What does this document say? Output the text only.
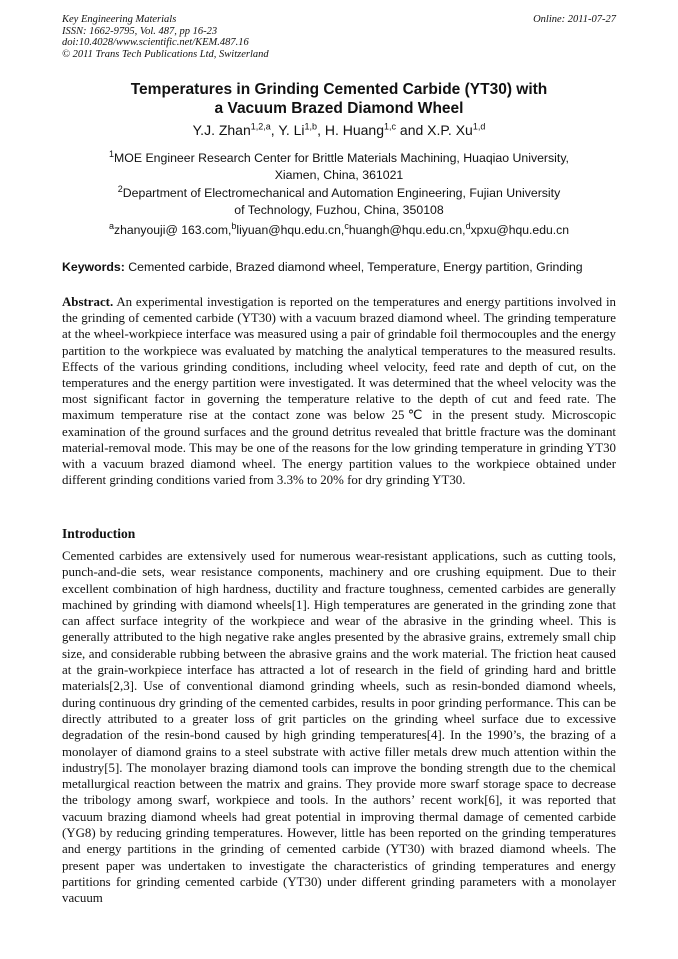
Key Engineering Materials
ISSN: 1662-9795, Vol. 487, pp 16-23
doi:10.4028/www.scientific.net/KEM.487.16
© 2011 Trans Tech Publications Ltd, Switzerland
Online: 2011-07-27
Temperatures in Grinding Cemented Carbide (YT30) with
a Vacuum Brazed Diamond Wheel
Y.J. Zhan$^{1,2,a}$, Y. Li$^{1,b}$, H. Huang$^{1,c}$ and X.P. Xu$^{1,d}$
$^1$MOE Engineer Research Center for Brittle Materials Machining, Huaqiao University,
Xiamen, China, 361021
$^2$Department of Electromechanical and Automation Engineering, Fujian University
of Technology, Fuzhou, China, 350108
$^a$zhanyouji@ 163.com,$^b$liyuan@hqu.edu.cn,$^c$huangh@hqu.edu.cn,$^d$xpxu@hqu.edu.cn
Keywords: Cemented carbide, Brazed diamond wheel, Temperature, Energy partition, Grinding
Abstract. An experimental investigation is reported on the temperatures and energy partitions involved in the grinding of cemented carbide (YT30) with a vacuum brazed diamond wheel. The grinding temperature at the wheel-workpiece interface was measured using a pair of grindable foil thermocouples and the energy partition to the workpiece was evaluated by matching the analytical temperatures to the measured results. Effects of the various grinding conditions, including wheel velocity, feed rate and depth of cut, on the temperatures and the energy partition were investigated. It was determined that the wheel velocity was the most significant factor in governing the temperature relative to the depth of cut and feed rate. The maximum temperature rise at the contact zone was below 25℃ in the present study. Microscopic examination of the ground surfaces and the ground detritus revealed that brittle fracture was the dominant material-removal mode. This may be one of the reasons for the low grinding temperature in grinding YT30 with a vacuum brazed diamond wheel. The energy partition values to the workpiece obtained under different grinding conditions varied from 3.3% to 20% for dry grinding YT30.
Introduction
Cemented carbides are extensively used for numerous wear-resistant applications, such as cutting tools, punch-and-die sets, wear resistance components, machinery and ore crushing equipment. Due to their excellent combination of high hardness, ductility and fracture toughness, cemented carbides are generally machined by grinding with diamond wheels[1]. High temperatures are generated in the grinding zone that can affect surface integrity of the workpiece and wear of the abrasive in the grinding wheel. This is generally attributed to the high negative rake angles presented by the abrasive grains, extremely small chip size, and considerable rubbing between the abrasive grains and the work material. The friction heat caused at the grain-workpiece interface has attracted a lot of research in the field of grinding hard and brittle materials[2,3]. Use of conventional diamond grinding wheels, such as resin-bonded diamond wheels, during continuous dry grinding of the cemented carbides, results in poor grinding performance. This can be directly attributed to a greater loss of grit particles on the grinding wheel surface due to excessive degradation of the resin-bond caused by high grinding temperatures[4]. In the 1990’s, the brazing of a monolayer of diamond grains to a steel substrate with active filler metals drew much attention within the industry[5]. The monolayer brazing diamond tools can improve the bonding strength due to the chemical metallurgical reaction between the matrix and grains. They provide more swarf storage space to decrease the tribology among swarf, workpiece and tools. In the authors’ recent work[6], it was reported that vacuum brazing diamond wheels had great potential in improving thermal damage of cemented carbide (YG8) by reducing grinding temperatures. However, little has been reported on the grinding temperatures and energy partitions in the grinding of cemented carbide (YT30) with brazed diamond wheels. The present paper was undertaken to investigate the characteristics of grinding temperatures and energy partitions for grinding cemented carbide (YT30) under different grinding parameters with a monolayer vacuum
